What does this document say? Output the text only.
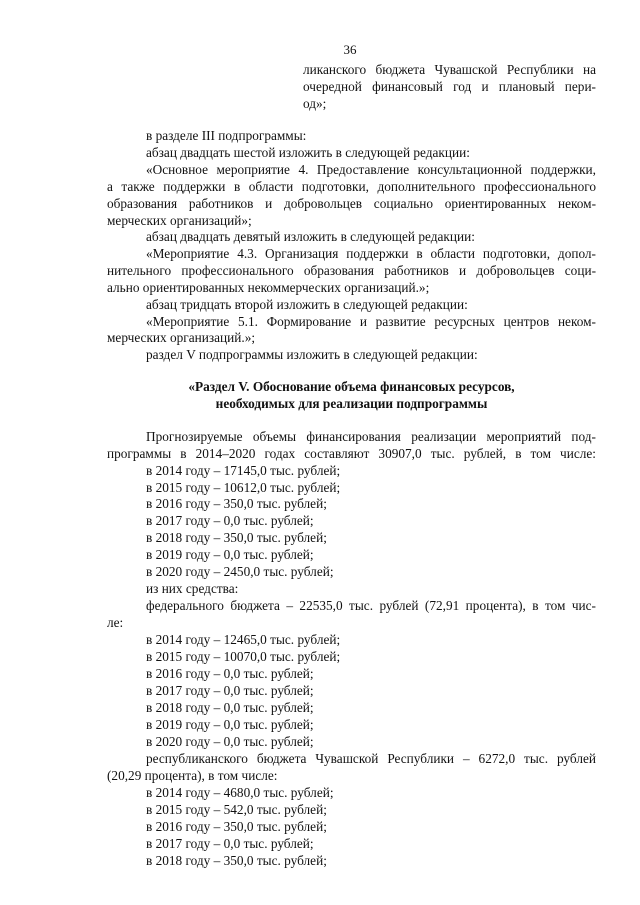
36
ликанского бюджета Чувашской Республики на
очередной финансовый год и плановый пери-
од»;
в разделе III подпрограммы:
абзац двадцать шестой изложить в следующей редакции:
«Основное мероприятие 4. Предоставление консультационной поддержки,
а также поддержки в области подготовки, дополнительного профессионального
образования работников и добровольцев социально ориентированных неком-
мерческих организаций»;
абзац двадцать девятый изложить в следующей редакции:
«Мероприятие 4.3. Организация поддержки в области подготовки, допол-
нительного профессионального образования работников и добровольцев соци-
ально ориентированных некоммерческих организаций.»;
абзац тридцать второй изложить в следующей редакции:
«Мероприятие 5.1. Формирование и развитие ресурсных центров неком-
мерческих организаций.»;
раздел V подпрограммы изложить в следующей редакции:
«Раздел V. Обоснование объема финансовых ресурсов,
необходимых для реализации подпрограммы
Прогнозируемые объемы финансирования реализации мероприятий под-
программы в 2014–2020 годах составляют 30907,0 тыс. рублей, в том числе:
в 2014 году – 17145,0 тыс. рублей;
в 2015 году – 10612,0 тыс. рублей;
в 2016 году – 350,0 тыс. рублей;
в 2017 году – 0,0 тыс. рублей;
в 2018 году – 350,0 тыс. рублей;
в 2019 году – 0,0 тыс. рублей;
в 2020 году – 2450,0 тыс. рублей;
из них средства:
федерального бюджета – 22535,0 тыс. рублей (72,91 процента), в том чис-
ле:
в 2014 году – 12465,0 тыс. рублей;
в 2015 году – 10070,0 тыс. рублей;
в 2016 году – 0,0 тыс. рублей;
в 2017 году – 0,0 тыс. рублей;
в 2018 году – 0,0 тыс. рублей;
в 2019 году – 0,0 тыс. рублей;
в 2020 году – 0,0 тыс. рублей;
республиканского бюджета Чувашской Республики – 6272,0 тыс. рублей
(20,29 процента), в том числе:
в 2014 году – 4680,0 тыс. рублей;
в 2015 году – 542,0 тыс. рублей;
в 2016 году – 350,0 тыс. рублей;
в 2017 году – 0,0 тыс. рублей;
в 2018 году – 350,0 тыс. рублей;
